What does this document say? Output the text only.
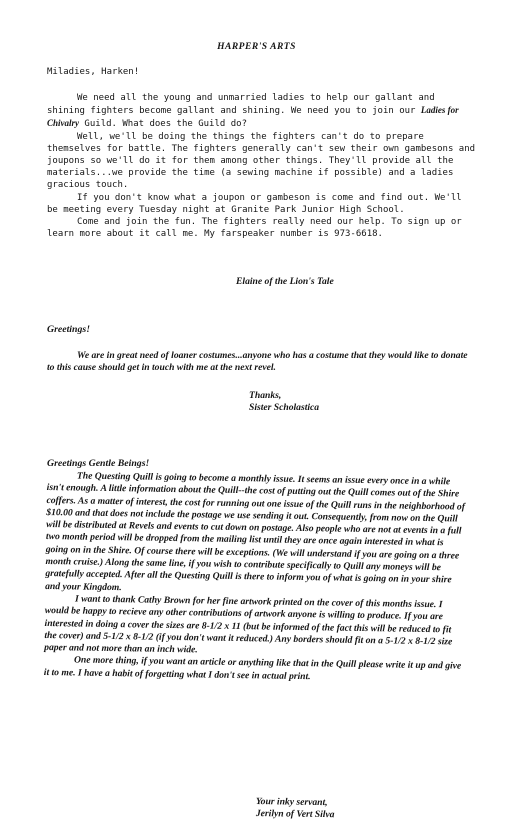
HARPER'S ARTS

Miladies, Harken!

We need all the young and unmarried ladies to help our gallant and shining fighters become gallant and shining. We need you to join our Ladies for Chivalry Guild. What does the Guild do?

Well, we'll be doing the things the fighters can't do to prepare themselves for battle. The fighters generally can't sew their own gambesons and joupons so we'll do it for them among other things. They'll provide all the materials...we provide the time (a sewing machine if possible) and a ladies gracious touch.

If you don't know what a joupon or gambeson is come and find out. We'll be meeting every Tuesday night at Granite Park Junior High School.

Come and join the fun. The fighters really need our help. To sign up or learn more about it call me. My farspeaker number is 973-6618.

Elaine of the Lion's Tale
Greetings!

We are in great need of loaner costumes...anyone who has a costume that they would like to donate to this cause should get in touch with me at the next revel.

Thanks,
Sister Scholastica
Greetings Gentle Beings!

The Questing Quill is going to become a monthly issue. It seems an issue every once in a while isn't enough. A little information about the Quill--the cost of putting out the Quill comes out of the Shire coffers. As a matter of interest, the cost for running out one issue of the Quill runs in the neighborhood of $10.00 and that does not include the postage we use sending it out. Consequently, from now on the Quill will be distributed at Revels and events to cut down on postage. Also people who are not at events in a full two month period will be dropped from the mailing list until they are once again interested in what is going on in the Shire. Of course there will be exceptions. (We will understand if you are going on a three month cruise.) Along the same line, if you wish to contribute specifically to Quill any moneys will be gratefully accepted. After all the Questing Quill is there to inform you of what is going on in your shire and your Kingdom.

I want to thank Cathy Brown for her fine artwork printed on the cover of this months issue. I would be happy to recieve any other contributions of artwork anyone is willing to produce. If you are interested in doing a cover the sizes are 8-1/2 x 11 (but be informed of the fact this will be reduced to fit the cover) and 5-1/2 x 8-1/2 (if you don't want it reduced.) Any borders should fit on a 5-1/2 x 8-1/2 size paper and not more than an inch wide.

One more thing, if you want an article or anything like that in the Quill please write it up and give it to me. I have a habit of forgetting what I don't see in actual print.

Your inky servant,
Jerilyn of Vert Silva
